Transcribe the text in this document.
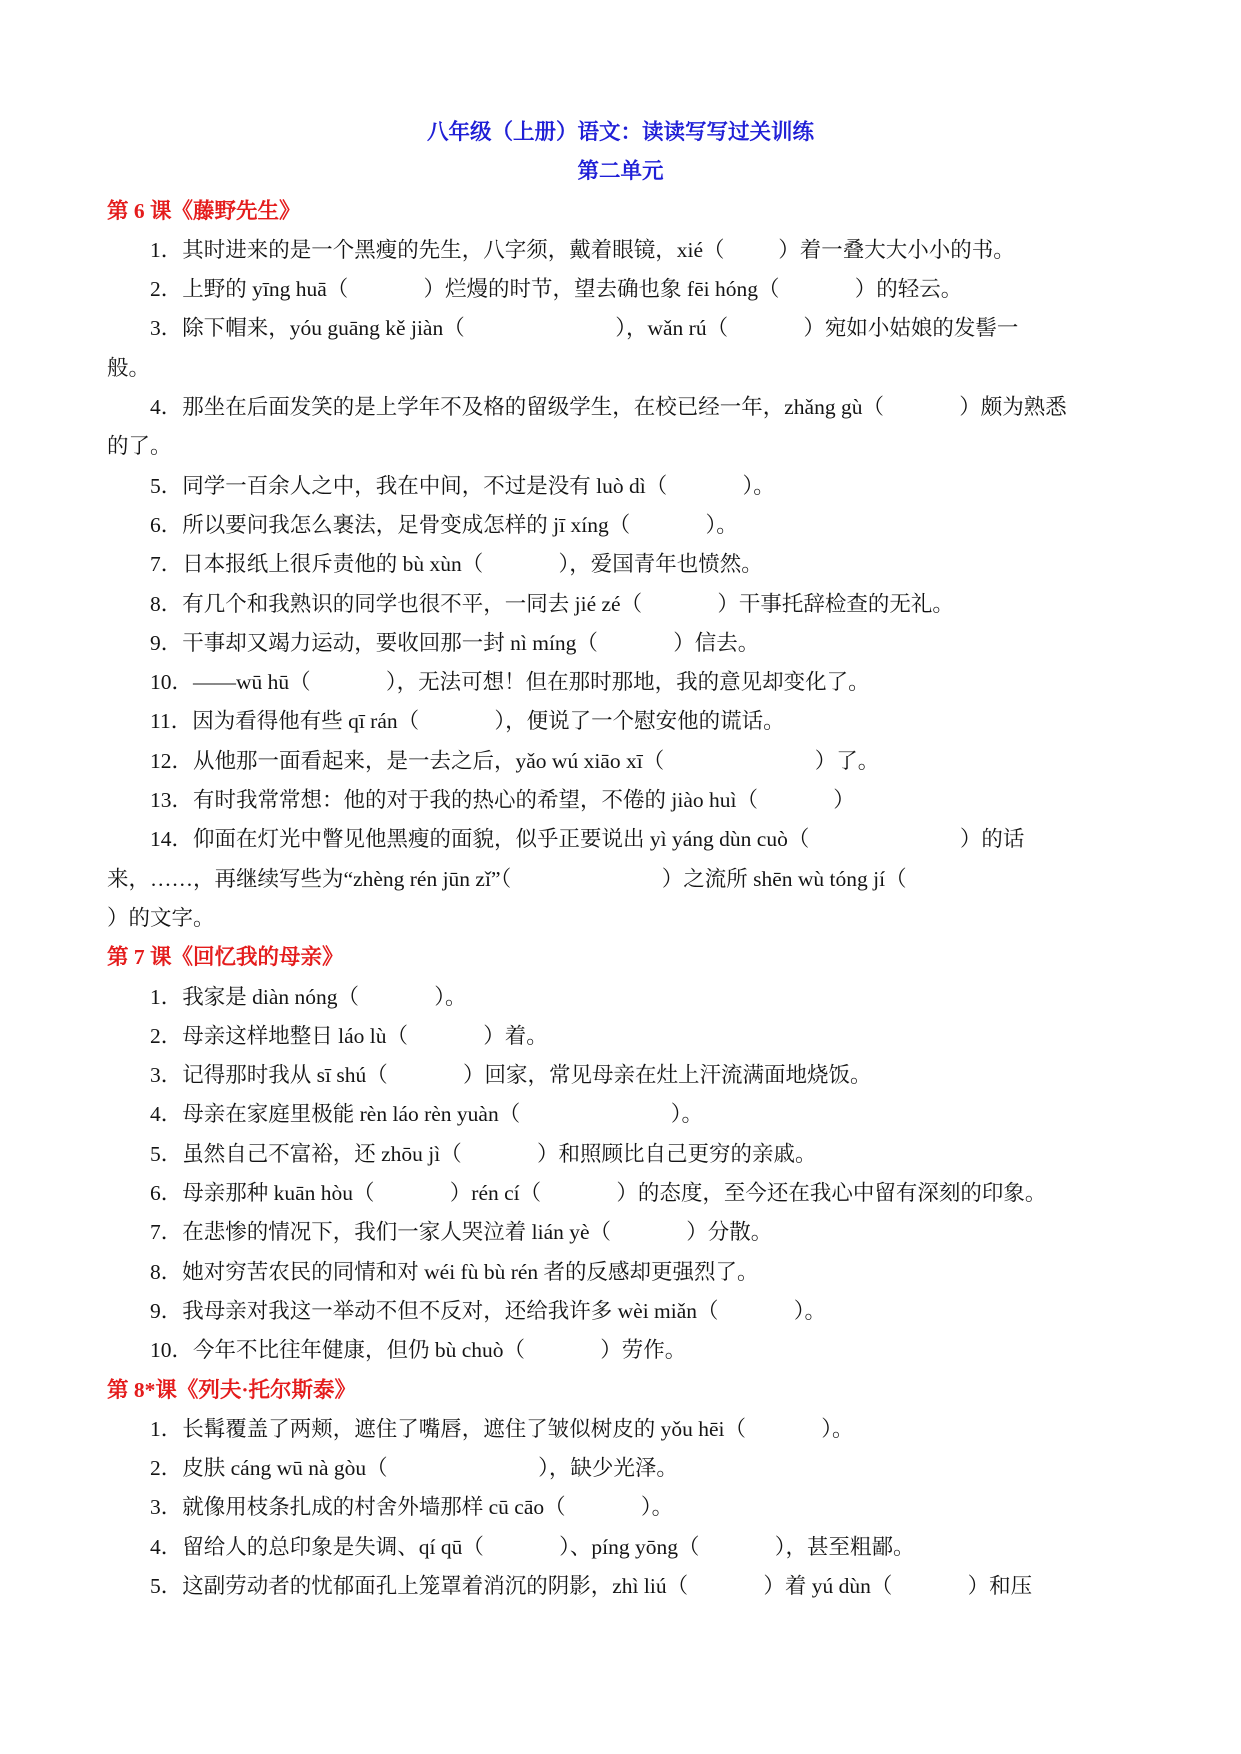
八年级（上册）语文：读读写写过关训练
第二单元
第 6 课《藤野先生》
1．其时进来的是一个黑瘦的先生，八字须，戴着眼镜，xié（          ）着一叠大大小小的书。
2．上野的 yīng huā（              ）烂熳的时节，望去确也象 fēi hóng（              ）的轻云。
3．除下帽来，yóu guāng kě jiàn（                            ），wǎn rú（              ）宛如小姑娘的发髻一
般。
4．那坐在后面发笑的是上学年不及格的留级学生，在校已经一年，zhǎng gù（              ）颇为熟悉
的了。
5．同学一百余人之中，我在中间，不过是没有 luò dì（              ）。
6．所以要问我怎么裹法，足骨变成怎样的 jī xíng（              ）。
7．日本报纸上很斥责他的 bù xùn（              ），爱国青年也愤然。
8．有几个和我熟识的同学也很不平，一同去 jié zé（              ）干事托辞检查的无礼。
9．干事却又竭力运动，要收回那一封 nì míng（              ）信去。
10．——wū hū（              ），无法可想！但在那时那地，我的意见却变化了。
11．因为看得他有些 qī rán（              ），便说了一个慰安他的谎话。
12．从他那一面看起来，是一去之后，yǎo wú xiāo xī（                            ）了。
13．有时我常常想：他的对于我的热心的希望，不倦的 jiào huì（              ）
14．仰面在灯光中瞥见他黑瘦的面貌，似乎正要说出 yì yáng dùn cuò（                            ）的话
来，……，再继续写些为“zhèng rén jūn zǐ”（                            ）之流所 shēn wù tóng jí（
）的文字。
第 7 课《回忆我的母亲》
1．我家是 diàn nóng（              ）。
2．母亲这样地整日 láo lù（              ）着。
3．记得那时我从 sī shú（              ）回家，常见母亲在灶上汗流满面地烧饭。
4．母亲在家庭里极能 rèn láo rèn yuàn（                            ）。
5．虽然自己不富裕，还 zhōu jì（              ）和照顾比自己更穷的亲戚。
6．母亲那种 kuān hòu（              ）rén cí（              ）的态度，至今还在我心中留有深刻的印象。
7．在悲惨的情况下，我们一家人哭泣着 lián yè（              ）分散。
8．她对穷苦农民的同情和对 wéi fù bù rén 者的反感却更强烈了。
9．我母亲对我这一举动不但不反对，还给我许多 wèi miǎn（              ）。
10．今年不比往年健康，但仍 bù chuò（              ）劳作。
第 8*课《列夫·托尔斯泰》
1．长髯覆盖了两颊，遮住了嘴唇，遮住了皱似树皮的 yǒu hēi（              ）。
2．皮肤 cáng wū nà gòu（                            ），缺少光泽。
3．就像用枝条扎成的村舍外墙那样 cū cāo（              ）。
4．留给人的总印象是失调、qí qū（              ）、píng yōng（              ），甚至粗鄙。
5．这副劳动者的忧郁面孔上笼罩着消沉的阴影，zhì liú（              ）着 yú dùn（              ）和压
